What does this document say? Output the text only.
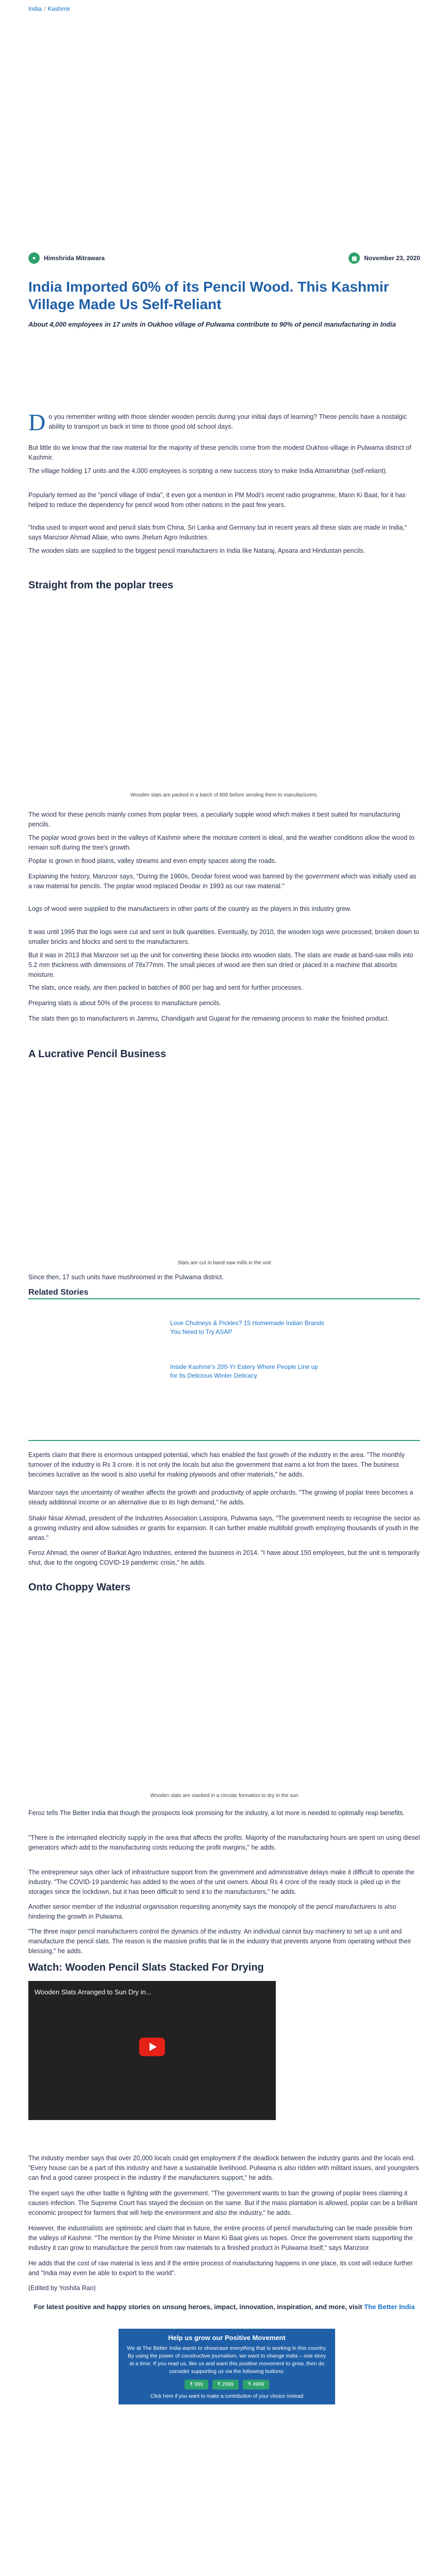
India / Kashmir
●	Himshrida Mitrawara	▦	November 23, 2020
India Imported 60% of its Pencil Wood. This Kashmir Village Made Us Self-Reliant

About 4,000 employees in 17 units in Oukhoo village of Pulwama contribute to 90% of pencil manufacturing in India

Do you remember writing with those slender wooden pencils during your initial days of learning? These pencils have a nostalgic ability to transport us back in time to those good old school days.

But little do we know that the raw material for the majority of these pencils come from the modest Oukhoo village in Pulwama district of Kashmir.

The village holding 17 units and the 4,000 employees is scripting a new success story to make India Atmanirbhar (self-reliant).

Popularly termed as the "pencil village of India", it even got a mention in PM Modi's recent radio programme, Mann Ki Baat, for it has helped to reduce the dependency for pencil wood from other nations in the past few years.

"India used to import wood and pencil slats from China, Sri Lanka and Germany but in recent years all these slats are made in India," says Manzoor Ahmad Allaie, who owns Jhelum Agro Industries.

The wooden slats are supplied to the biggest pencil manufacturers in India like Nataraj, Apsara and Hindustan pencils.

Straight from the poplar trees
Wooden slats are packed in a batch of 800 before sending them to manufacturers.

The wood for these pencils mainly comes from poplar trees, a peculiarly supple wood which makes it best suited for manufacturing pencils.

The poplar wood grows best in the valleys of Kashmir where the moisture content is ideal, and the weather conditions allow the wood to remain soft during the tree's growth.

Poplar is grown in flood plains, valley streams and even empty spaces along the roads.

Explaining the history, Manzoor says, "During the 1960s, Deodar forest wood was banned by the government which was initially used as a raw material for pencils. The poplar wood replaced Deodar in 1993 as our raw material."

Logs of wood were supplied to the manufacturers in other parts of the country as the players in this industry grew.

It was until 1995 that the logs were cut and sent in bulk quantities. Eventually, by 2010, the wooden logs were processed, broken down to smaller bricks and blocks and sent to the manufacturers.

But it was in 2013 that Manzoor set up the unit for converting these blocks into wooden slats. The slats are made at band-saw mills into 5.2 mm thickness with dimensions of 78x77mm. The small pieces of wood are then sun dried or placed in a machine that absorbs moisture.

The slats, once ready, are then packed in batches of 800 per bag and sent for further processes.

Preparing slats is about 50% of the process to manufacture pencils.

The slats then go to manufacturers in Jammu, Chandigarh and Gujarat for the remaining process to make the finished product.

A Lucrative Pencil Business
Slats are cut in band-saw mills in the unit

Since then, 17 such units have mushroomed in the Pulwama district.

Related Stories
Love Chutneys & Pickles? 15 Homemade Indian Brands You Need to Try ASAP
Inside Kashmir's 200-Yr Eatery Where People Line up for Its Delicious Winter Delicacy

Experts claim that there is enormous untapped potential, which has enabled the fast growth of the industry in the area. "The monthly turnover of the industry is Rs 3 crore. It is not only the locals but also the government that earns a lot from the taxes. The business becomes lucrative as the wood is also useful for making plywoods and other materials," he adds.

Manzoor says the uncertainty of weather affects the growth and productivity of apple orchards. "The growing of poplar trees becomes a steady additional income or an alternative due to its high demand," he adds.

Shakir Nisar Ahmad, president of the Industries Association Lassipora, Pulwama says, "The government needs to recognise the sector as a growing industry and allow subsidies or grants for expansion. It can further enable multifold growth employing thousands of youth in the areas."

Feroz Ahmad, the owner of Barkat Agro Industries, entered the business in 2014. "I have about 150 employees, but the unit is temporarily shut, due to the ongoing COVID-19 pandemic crisis," he adds.

Onto Choppy Waters
Wooden slats are stacked in a circular formation to dry in the sun

Feroz tells The Better India that though the prospects look promising for the industry, a lot more is needed to optimally reap benefits.

"There is the interrupted electricity supply in the area that affects the profits. Majority of the manufacturing hours are spent on using diesel generators which add to the manufacturing costs reducing the profit margins," he adds.

The entrepreneur says other lack of infrastructure support from the government and administrative delays make it difficult to operate the industry. "The COVID-19 pandemic has added to the woes of the unit owners. About Rs 4 crore of the ready stock is piled up in the storages since the lockdown, but it has been difficult to send it to the manufacturers," he adds.

Another senior member of the industrial organisation requesting anonymity says the monopoly of the pencil manufacturers is also hindering the growth in Pulwama.

"The three major pencil manufacturers control the dynamics of the industry. An individual cannot buy machinery to set up a unit and manufacture the pencil slats. The reason is the massive profits that lie in the industry that prevents anyone from operating without their blessing," he adds.

Watch: Wooden Pencil Slats Stacked For Drying
Wooden Slats Arranged to Sun Dry in...

The industry member says that over 20,000 locals could get employment if the deadlock between the industry giants and the locals end. "Every house can be a part of this industry and have a sustainable livelihood. Pulwama is also ridden with militant issues, and youngsters can find a good career prospect in the industry if the manufacturers support," he adds.

The expert says the other battle is fighting with the government. "The government wants to ban the growing of poplar trees claiming it causes infection. The Supreme Court has stayed the decision on the same. But if the mass plantation is allowed, poplar can be a brilliant economic prospect for farmers that will help the environment and also the industry," he adds.

However, the industrialists are optimistic and claim that in future, the entire process of pencil manufacturing can be made possible from the valleys of Kashmir. "The mention by the Prime Minister in Mann Ki Baat gives us hopes. Once the government starts supporting the industry it can grow to manufacture the pencil from raw materials to a finished product in Pulwama itself," says Manzoor.

He adds that the cost of raw material is less and if the entire process of manufacturing happens in one place, its cost will reduce further and "India may even be able to export to the world".

(Edited by Yoshita Rao)

For latest positive and happy stories on unsung heroes, impact, innovation, inspiration, and more, visit The Better India
Help us grow our Positive Movement
We at The Better India wants to showcase everything that is working in this country. By using the power of constructive journalism, we want to change India – one story at a time. If you read us, like us and want this positive movement to grow, then do consider supporting us via the following buttons:
₹ 999	₹ 2999	₹ 4999
Click here if you want to make a contribution of your choice instead
